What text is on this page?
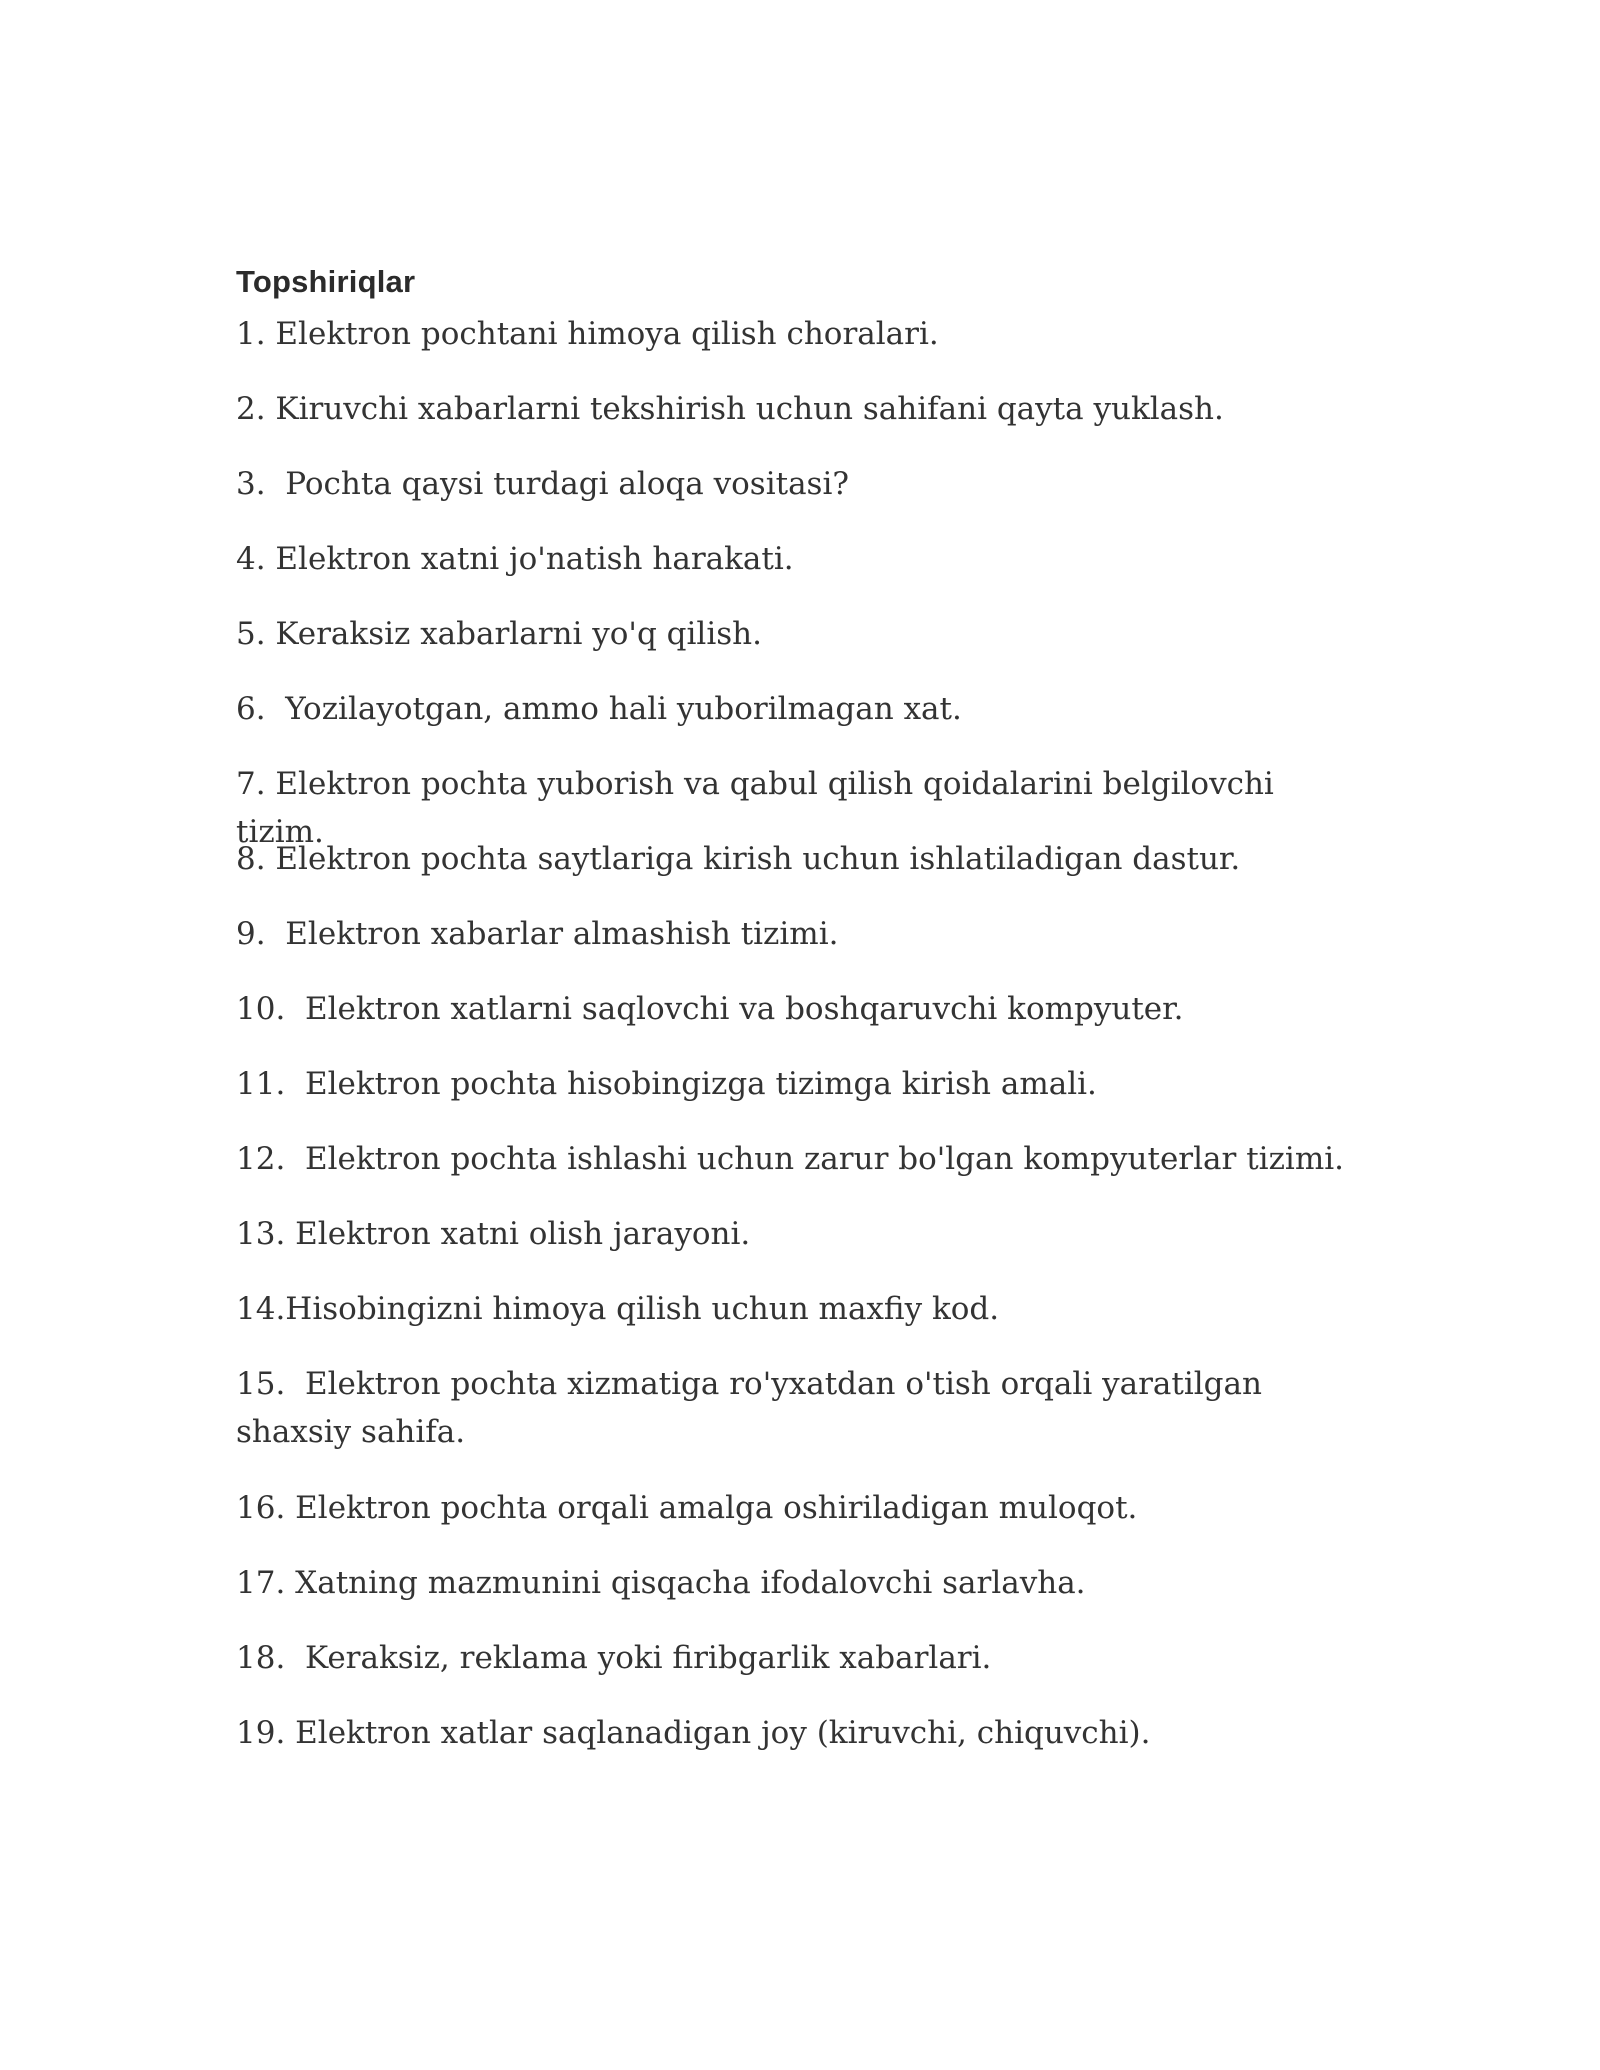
Topshiriqlar
1. Elektron pochtani himoya qilish choralari.
2. Kiruvchi xabarlarni tekshirish uchun sahifani qayta yuklash.
3.  Pochta qaysi turdagi aloqa vositasi?
4. Elektron xatni jo'natish harakati.
5. Keraksiz xabarlarni yo'q qilish.
6.  Yozilayotgan, ammo hali yuborilmagan xat.
7. Elektron pochta yuborish va qabul qilish qoidalarini belgilovchi tizim.
8. Elektron pochta saytlariga kirish uchun ishlatiladigan dastur.
9.  Elektron xabarlar almashish tizimi.
10.  Elektron xatlarni saqlovchi va boshqaruvchi kompyuter.
11.  Elektron pochta hisobingizga tizimga kirish amali.
12.  Elektron pochta ishlashi uchun zarur bo'lgan kompyuterlar tizimi.
13. Elektron xatni olish jarayoni.
14.Hisobingizni himoya qilish uchun maxfiy kod.
15.  Elektron pochta xizmatiga ro'yxatdan o'tish orqali yaratilgan shaxsiy sahifa.
16. Elektron pochta orqali amalga oshiriladigan muloqot.
17. Xatning mazmunini qisqacha ifodalovchi sarlavha.
18.  Keraksiz, reklama yoki firibgarlik xabarlari.
19. Elektron xatlar saqlanadigan joy (kiruvchi, chiquvchi).
